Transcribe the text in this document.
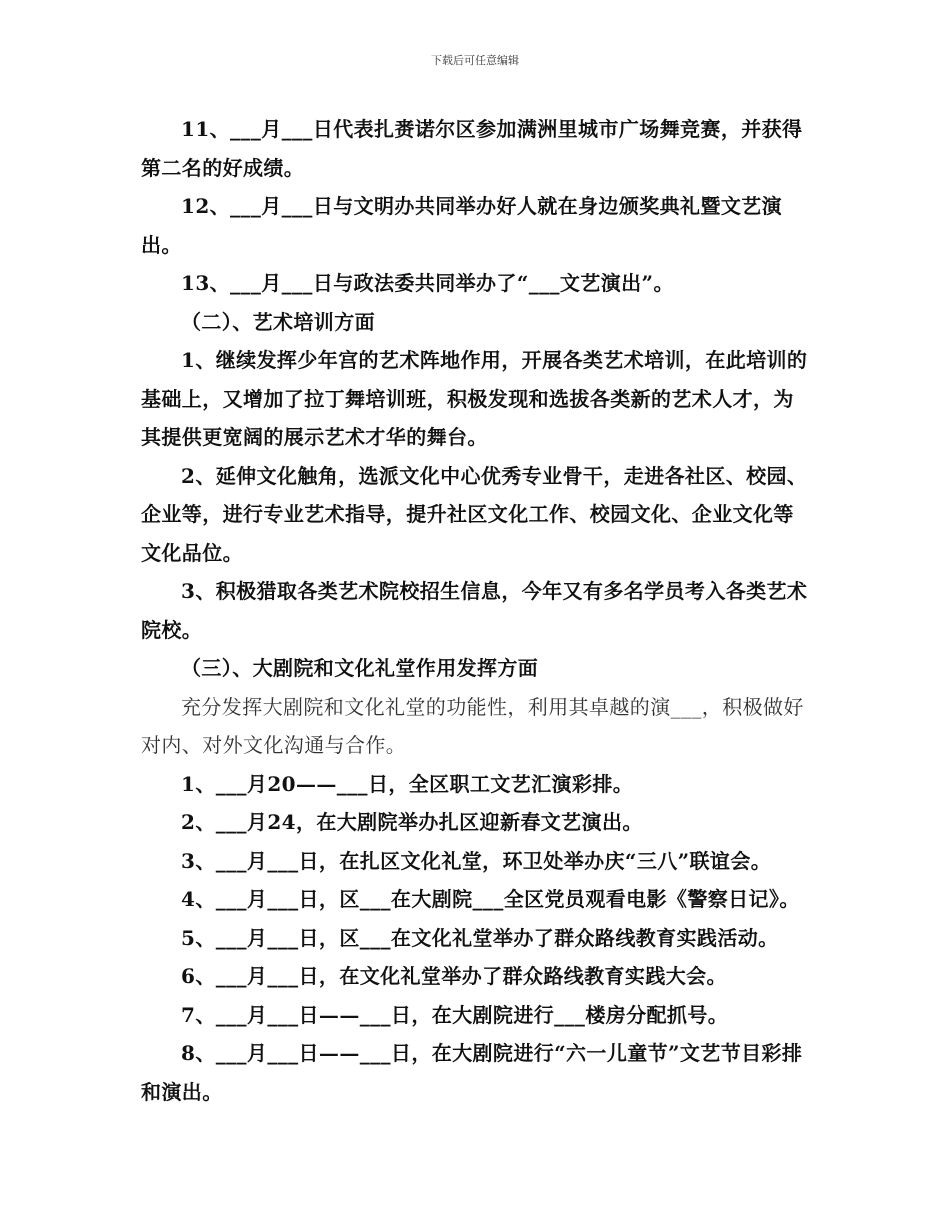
下载后可任意编辑

11、___月___日代表扎赉诺尔区参加满洲里城市广场舞竞赛，并获得第二名的好成绩。

12、___月___日与文明办共同举办好人就在身边颁奖典礼暨文艺演出。

13、___月___日与政法委共同举办了“___文艺演出”。

（二）、艺术培训方面

1、继续发挥少年宫的艺术阵地作用，开展各类艺术培训，在此培训的基础上，又增加了拉丁舞培训班，积极发现和选拔各类新的艺术人才，为其提供更宽阔的展示艺术才华的舞台。

2、延伸文化触角，选派文化中心优秀专业骨干，走进各社区、校园、企业等，进行专业艺术指导，提升社区文化工作、校园文化、企业文化等文化品位。

3、积极猎取各类艺术院校招生信息，今年又有多名学员考入各类艺术院校。

（三）、大剧院和文化礼堂作用发挥方面

充分发挥大剧院和文化礼堂的功能性，利用其卓越的演___，积极做好对内、对外文化沟通与合作。

1、___月20——___日，全区职工文艺汇演彩排。

2、___月24，在大剧院举办扎区迎新春文艺演出。

3、___月___日，在扎区文化礼堂，环卫处举办庆“三八”联谊会。

4、___月___日，区___在大剧院___全区党员观看电影《警察日记》。

5、___月___日，区___在文化礼堂举办了群众路线教育实践活动。

6、___月___日，在文化礼堂举办了群众路线教育实践大会。

7、___月___日——___日，在大剧院进行___楼房分配抓号。

8、___月___日——___日，在大剧院进行“六一儿童节”文艺节目彩排和演出。
